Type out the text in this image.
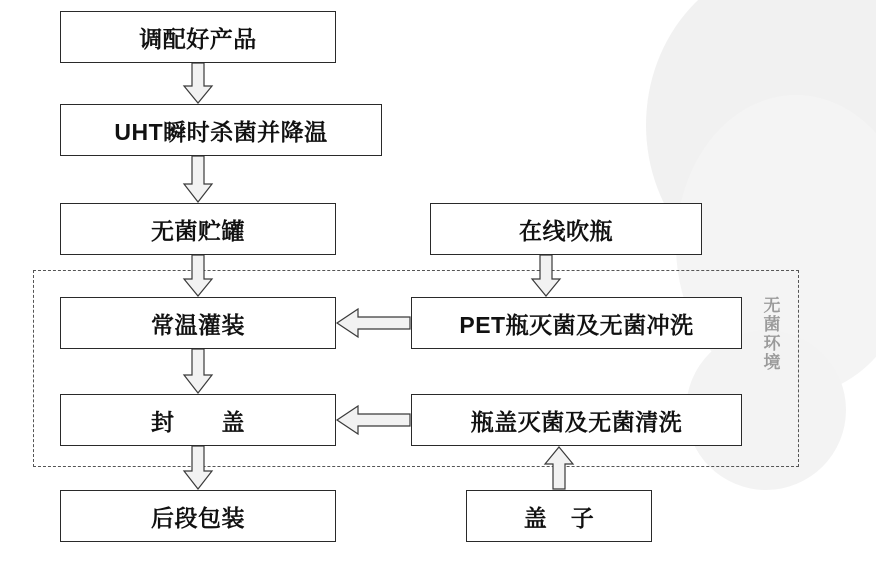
无
菌
环
境
调配好产品
UHT瞬时杀菌并降温
无菌贮罐	在线吹瓶
常温灌装	PET瓶灭菌及无菌冲洗
封　　盖	瓶盖灭菌及无菌清洗
后段包装	盖　子
